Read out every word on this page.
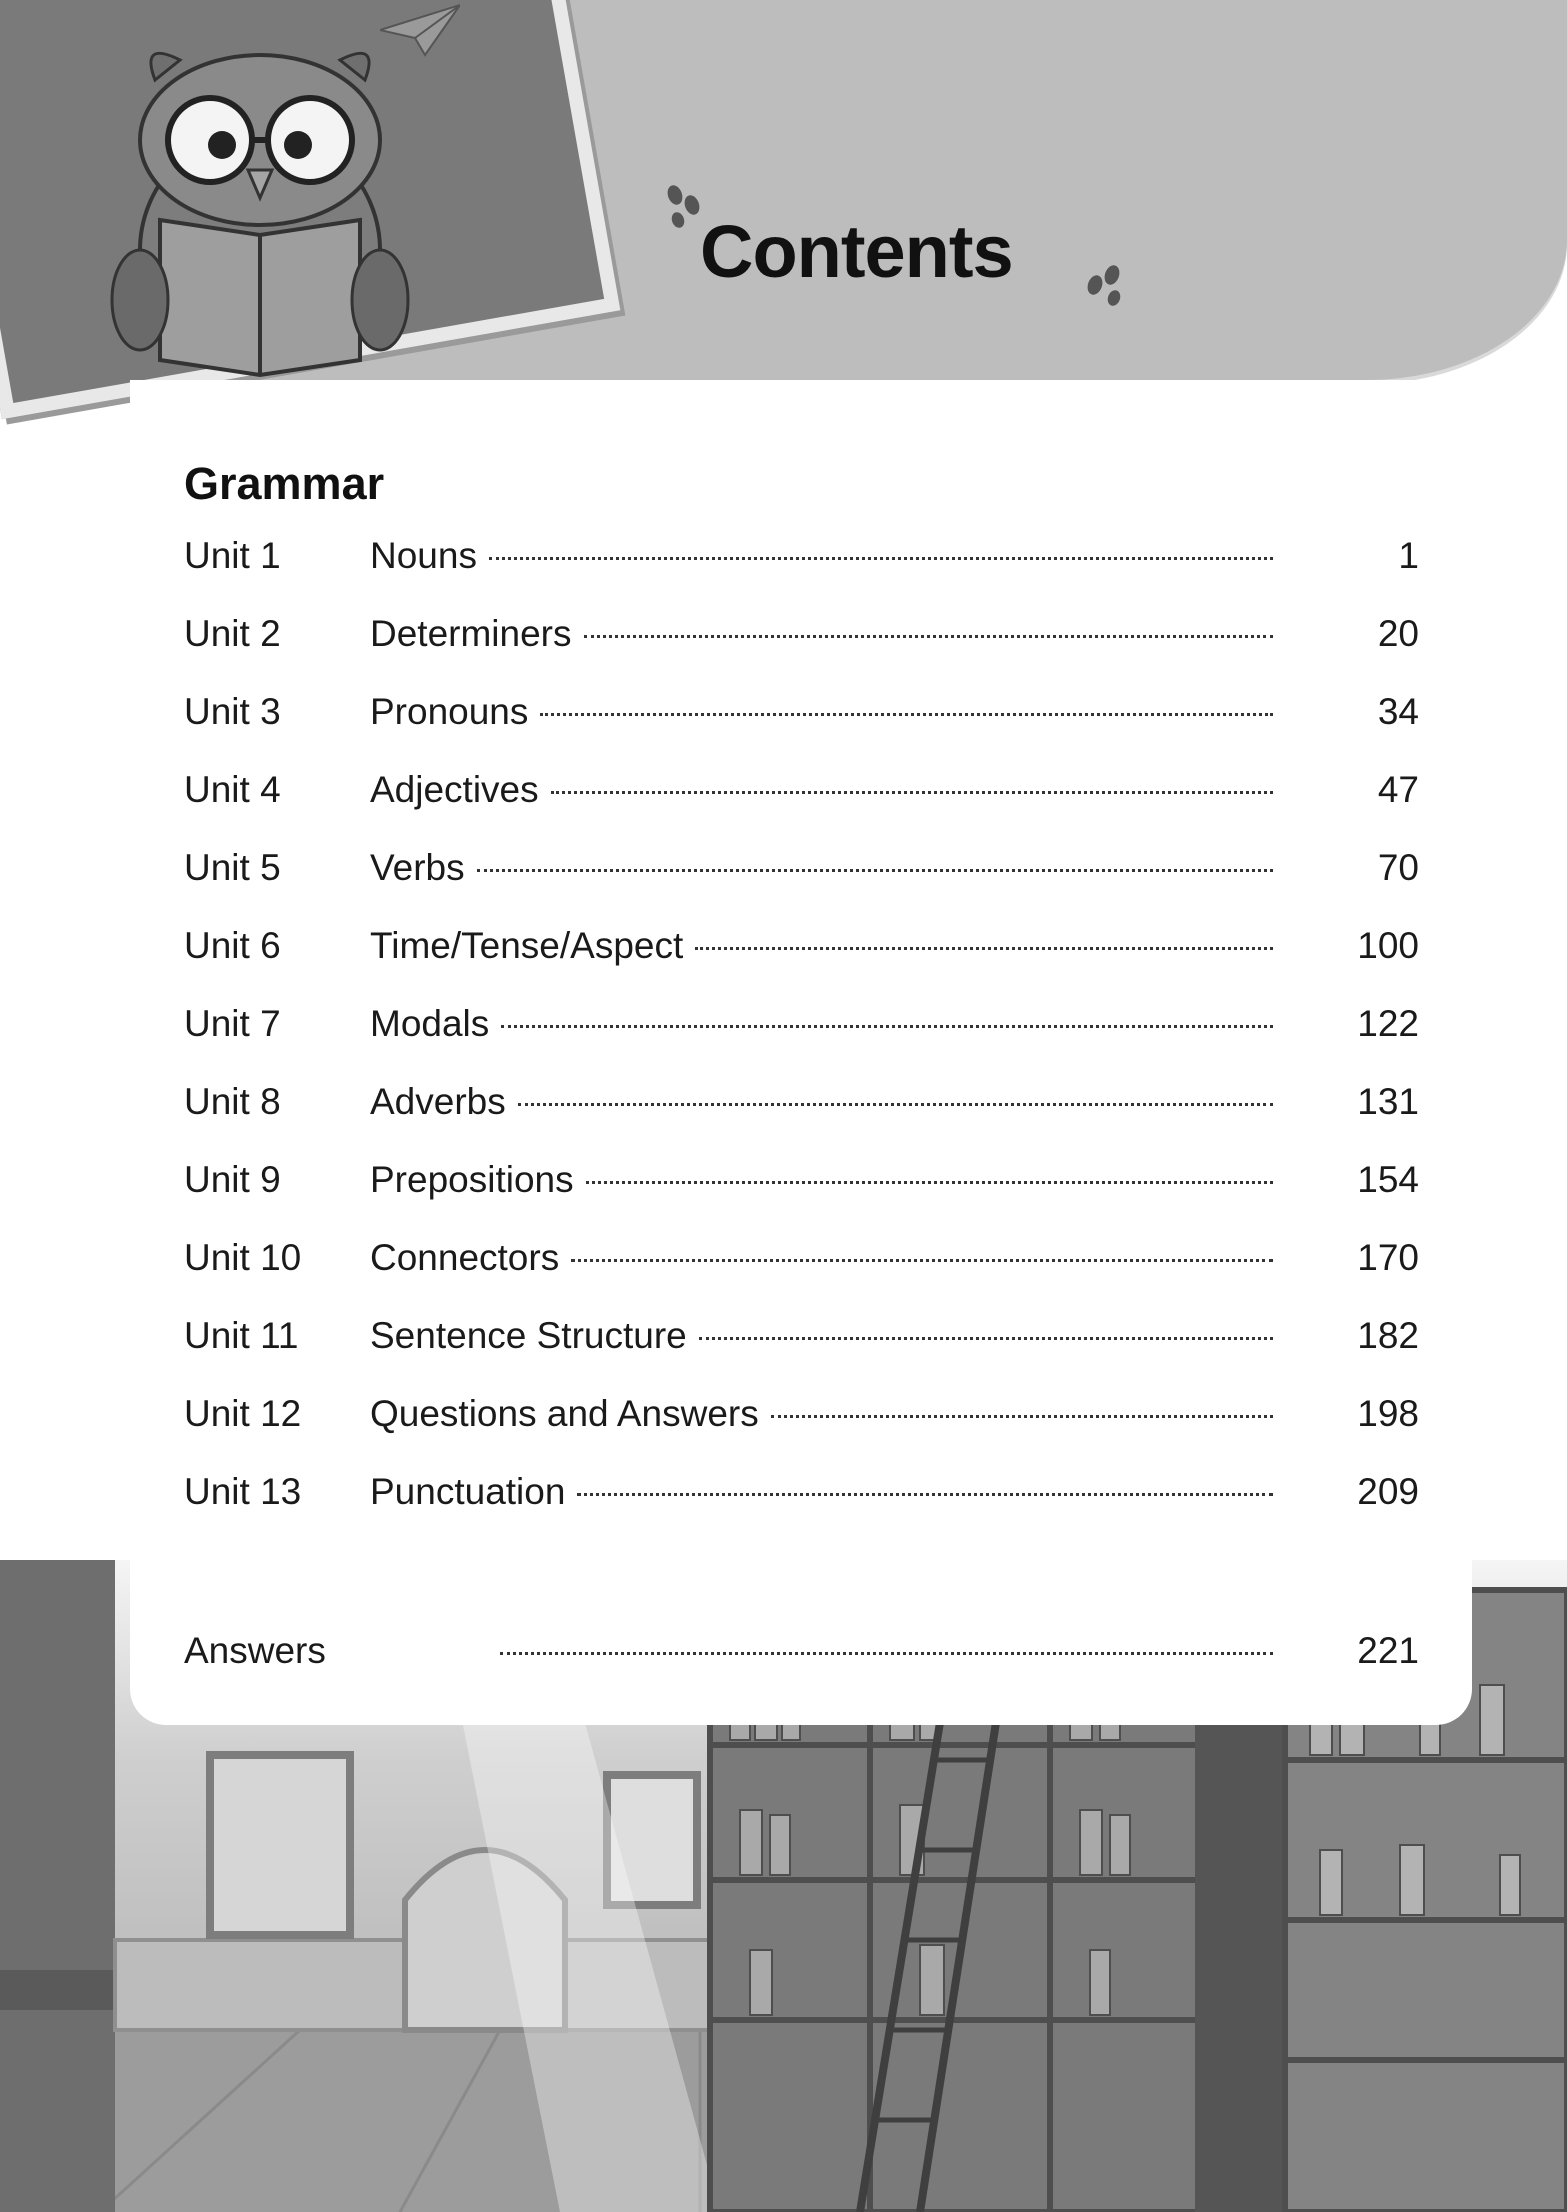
Contents
Grammar
Unit 1	Nouns	1
Unit 2	Determiners	20
Unit 3	Pronouns	34
Unit 4	Adjectives	47
Unit 5	Verbs	70
Unit 6	Time/Tense/Aspect	100
Unit 7	Modals	122
Unit 8	Adverbs	131
Unit 9	Prepositions	154
Unit 10	Connectors	170
Unit 11	Sentence Structure	182
Unit 12	Questions and Answers	198
Unit 13	Punctuation	209
Answers	221
